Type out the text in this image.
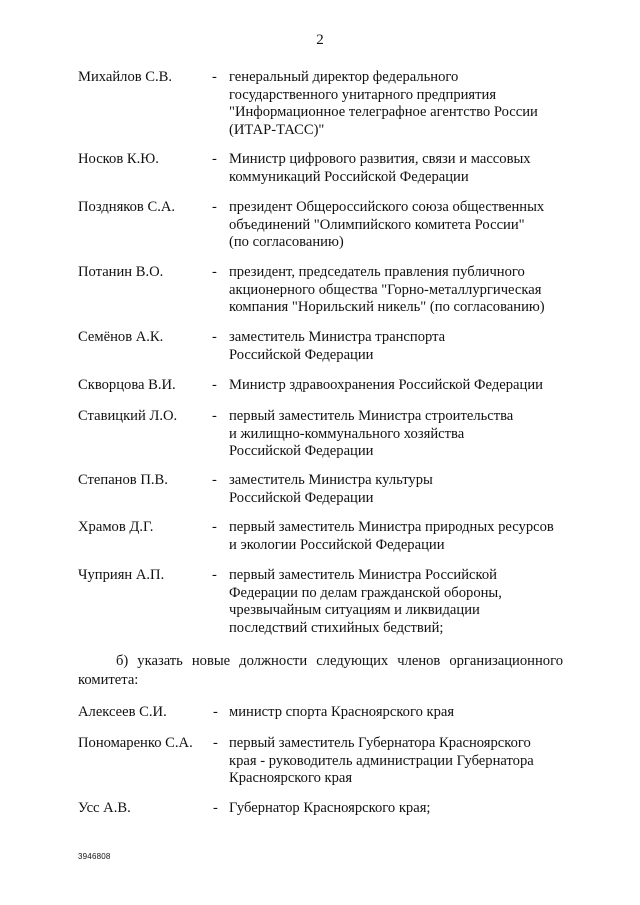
2
Михайлов С.В.	- генеральный директор федерального
государственного унитарного предприятия
"Информационное телеграфное агентство России
(ИТАР-ТАСС)"
Носков К.Ю.	- Министр цифрового развития, связи и массовых
коммуникаций Российской Федерации
Поздняков С.А.	- президент Общероссийского союза общественных
объединений "Олимпийского комитета России"
(по согласованию)
Потанин В.О.	- президент, председатель правления публичного
акционерного общества "Горно-металлургическая
компания "Норильский никель" (по согласованию)
Семёнов А.К.	- заместитель Министра транспорта
Российской Федерации
Скворцова В.И. - Министр здравоохранения Российской Федерации
Ставицкий Л.О. - первый заместитель Министра строительства
и жилищно-коммунального хозяйства
Российской Федерации
Степанов П.В.	- заместитель Министра культуры
Российской Федерации
Храмов Д.Г.	- первый заместитель Министра природных ресурсов
и экологии Российской Федерации
Чуприян А.П.	- первый заместитель Министра Российской
Федерации по делам гражданской обороны,
чрезвычайным ситуациям и ликвидации
последствий стихийных бедствий;
б) указать новые должности следующих членов организационного
комитета:
Алексеев С.И.	- министр спорта Красноярского края
Пономаренко С.А. - первый заместитель Губернатора Красноярского
края - руководитель администрации Губернатора
Красноярского края
Усс А.В.	- Губернатор Красноярского края;
3946808
